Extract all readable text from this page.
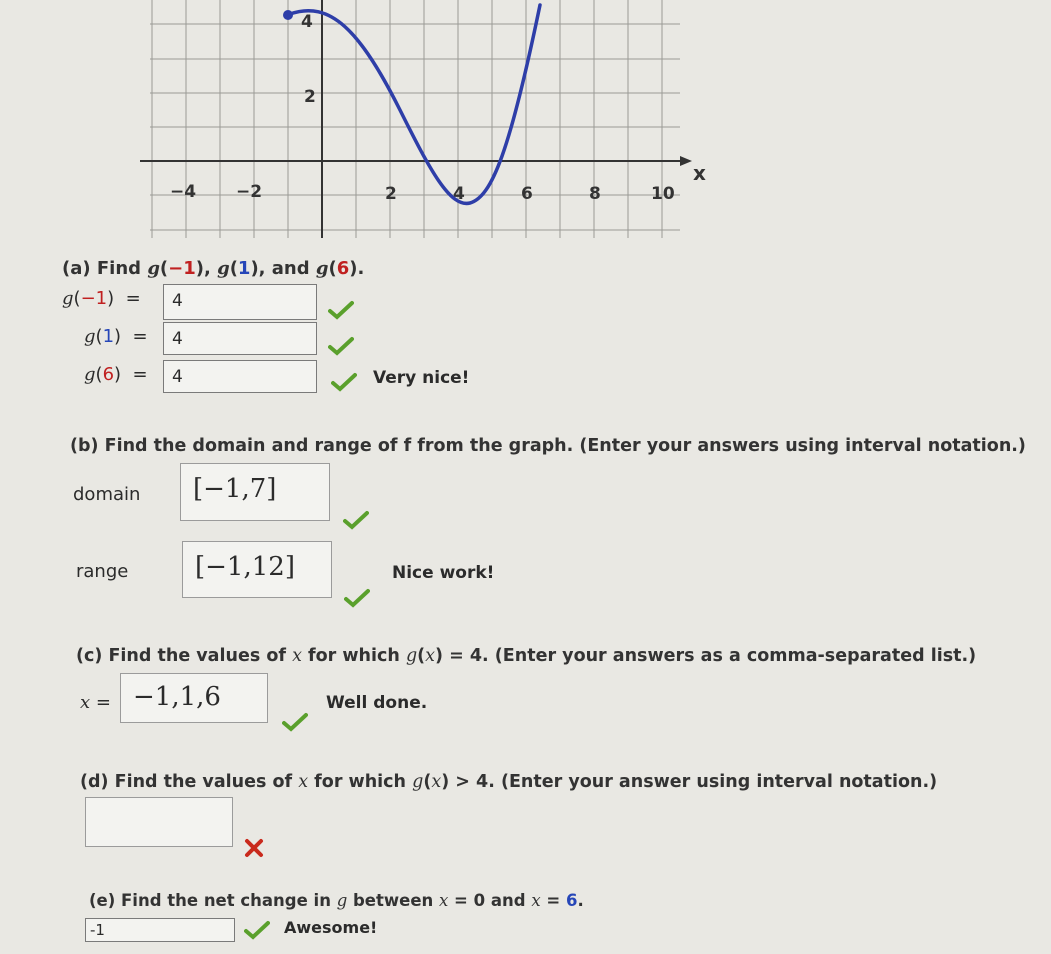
−4 −2	2	4	6	8	10
2
4
x
(a) Find g(−1), g(1), and g(6).
g(−1)  =	4
g(1)  =	4
g(6)  =	4	Very nice!
(b) Find the domain and range of f from the graph. (Enter your answers using interval notation.)
domain	[−1,7]
range	[−1,12]	Nice work!
(c) Find the values of x for which g(x) = 4. (Enter your answers as a comma-separated list.)
x = −1,1,6	Well done.
(d) Find the values of x for which g(x) > 4. (Enter your answer using interval notation.)
(e) Find the net change in g between x = 0 and x = 6.
-1	Awesome!
